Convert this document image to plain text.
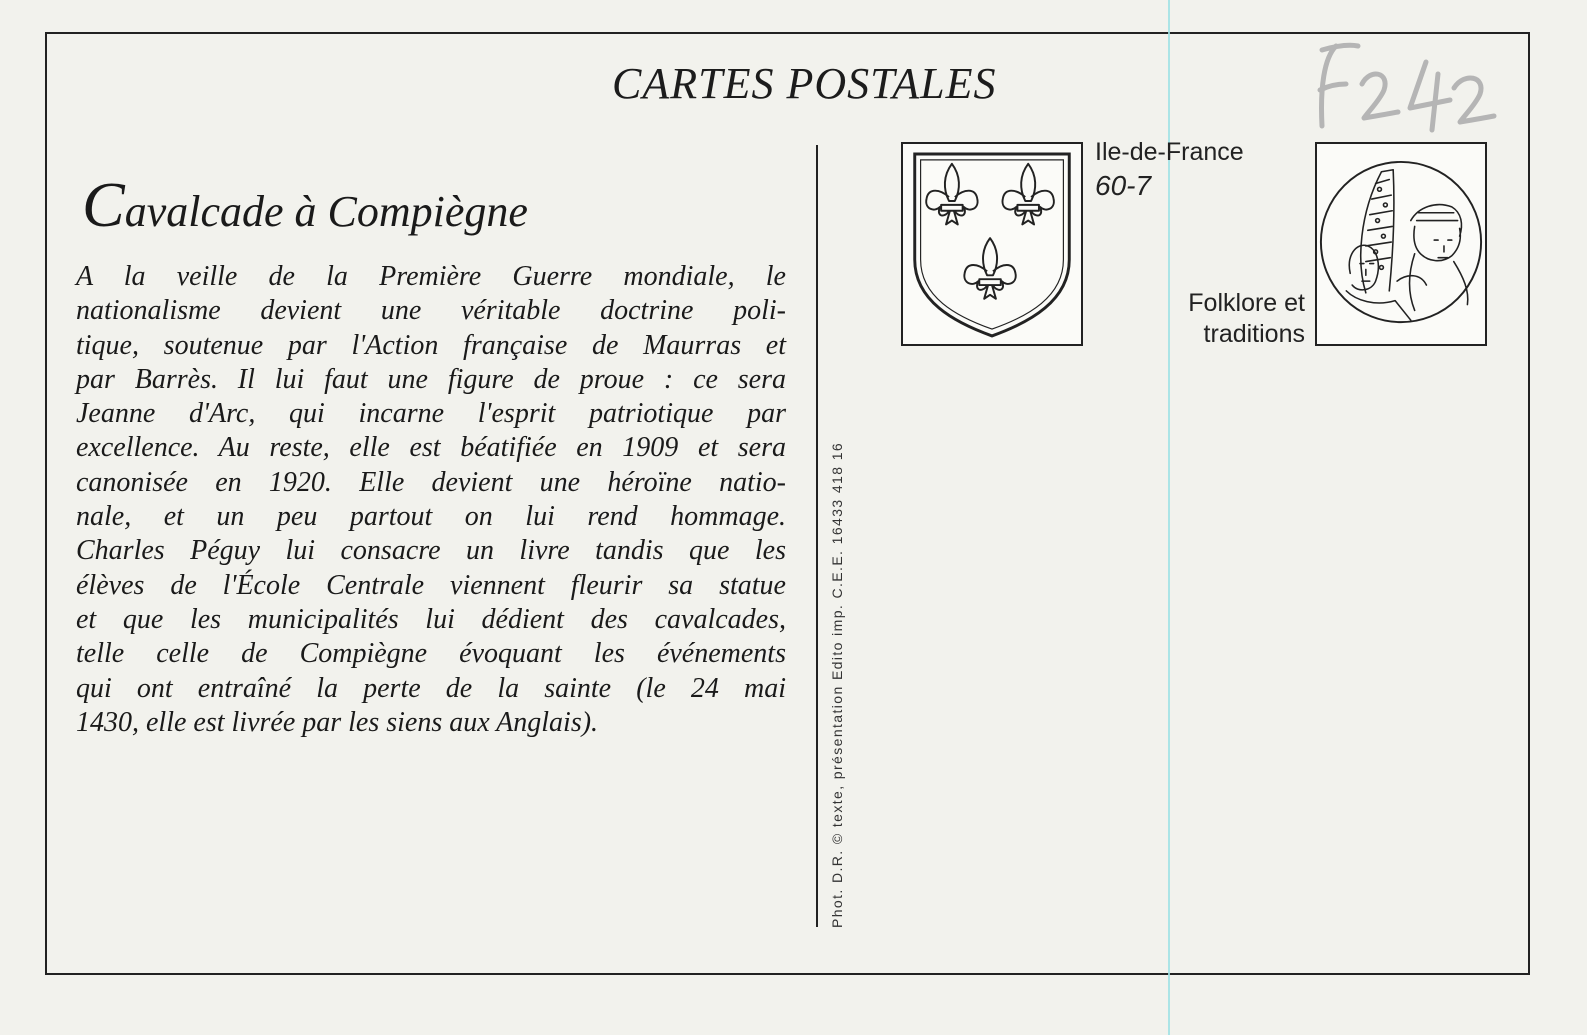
CARTES POSTALES
Cavalcade à Compiègne
A la veille de la Première Guerre mondiale, le
nationalisme devient une véritable doctrine poli-
tique, soutenue par l'Action française de Maurras et
par Barrès. Il lui faut une figure de proue : ce sera
Jeanne d'Arc, qui incarne l'esprit patriotique par
excellence. Au reste, elle est béatifiée en 1909 et sera
canonisée en 1920. Elle devient une héroïne natio-
nale, et un peu partout on lui rend hommage.
Charles Péguy lui consacre un livre tandis que les
élèves de l'École Centrale viennent fleurir sa statue
et que les municipalités lui dédient des cavalcades,
telle celle de Compiègne évoquant les événements
qui ont entraîné la perte de la sainte (le 24 mai
1430, elle est livrée par les siens aux Anglais).	Phot. D.R. © texte, présentation Edito imp. C.E.E. 16433 418 16
Ile-de-France
60-7
Folklore et
traditions
